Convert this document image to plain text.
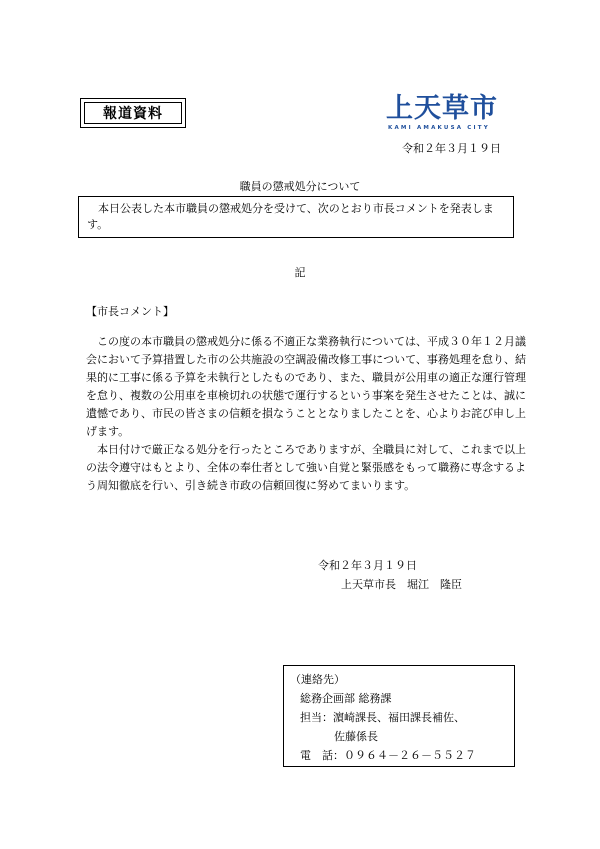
報道資料	上天草市
KAMI AMAKUSA CITY
令和２年３月１９日
職員の懲戒処分について
　本日公表した本市職員の懲戒処分を受けて、次のとおり市長コメントを発表します。
記
【市長コメント】

この度の本市職員の懲戒処分に係る不適正な業務執行については、平成３０年１２月議会において予算措置した市の公共施設の空調設備改修工事について、事務処理を怠り、結果的に工事に係る予算を未執行としたものであり、また、職員が公用車の適正な運行管理を怠り、複数の公用車を車検切れの状態で運行するという事案を発生させたことは、誠に遺憾であり、市民の皆さまの信頼を損なうこととなりましたことを、心よりお詫び申し上げます。

本日付けで厳正なる処分を行ったところでありますが、全職員に対して、これまで以上の法令遵守はもとより、全体の奉仕者として強い自覚と緊張感をもって職務に専念するよう周知徹底を行い、引き続き市政の信頼回復に努めてまいります。

令和２年３月１９日
上天草市長　堀江　隆臣
（連絡先）
総務企画部 総務課
担当：濵崎課長、福田課長補佐、
佐藤係長
電　話：０９６４－２６－５５２７
